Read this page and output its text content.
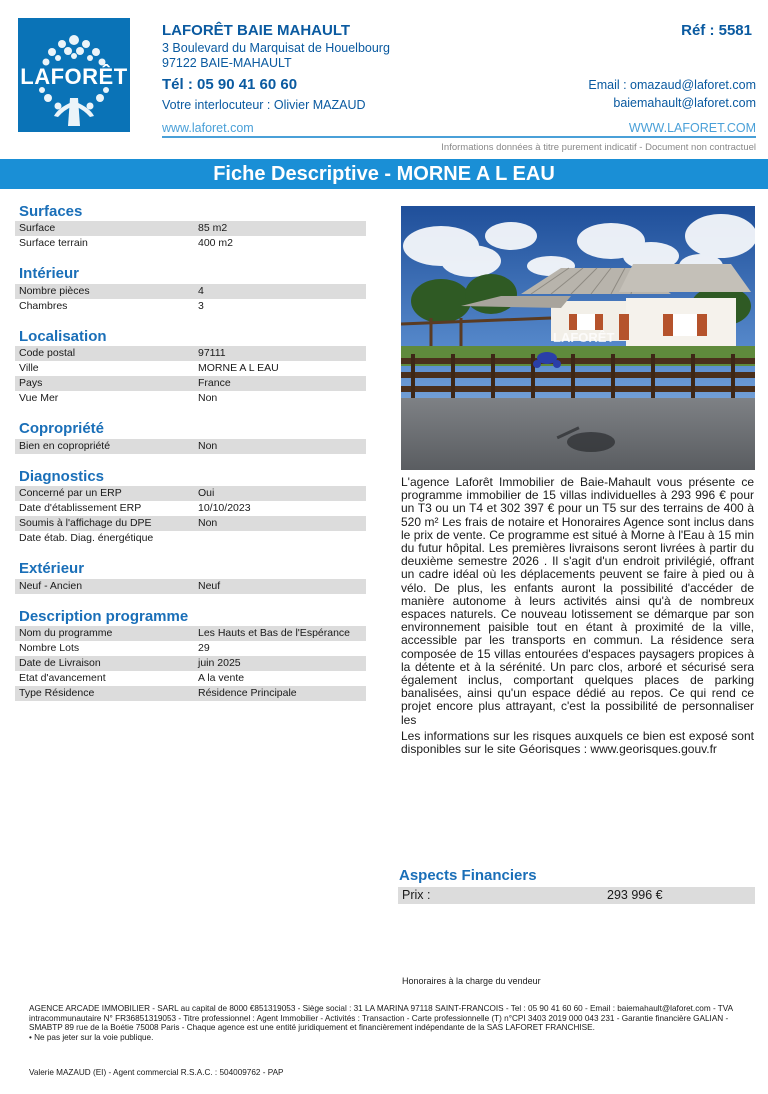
LAFORÊT
LAFORÊT BAIE MAHAULT
3 Boulevard du Marquisat de Houelbourg
97122 BAIE-MAHAULT
Tél : 05 90 41 60 60
Votre interlocuteur : Olivier MAZAUD
Réf : 5581
Email : omazaud@laforet.com
baiemahault@laforet.com
www.laforet.com	WWW.LAFORET.COM
Informations données à titre purement indicatif - Document non contractuel
Fiche Descriptive - MORNE A L EAU
Surfaces
Surface	85 m2
Surface terrain	400 m2
Intérieur
Nombre pièces	4
Chambres	3
Localisation
Code postal	97111
Ville	MORNE A L EAU
Pays	France
Vue Mer	Non
Copropriété
Bien en copropriété	Non
Diagnostics
Concerné par un ERP	Oui
Date d'établissement ERP	10/10/2023
Soumis à l'affichage du DPE	Non
Date étab. Diag. énergétique
Extérieur
Neuf - Ancien	Neuf
Description programme
Nom du programme	Les Hauts et Bas de l'Espérance
Nombre Lots	29
Date de Livraison	juin 2025
Etat d'avancement	A la vente
Type Résidence	Résidence Principale
LAFORÊT
L'agence Laforêt Immobilier de Baie-Mahault vous présente ce programme immobilier de 15 villas individuelles à 293 996 € pour un T3 ou un T4 et 302 397 € pour un T5 sur des terrains de 400 à 520 m² Les frais de notaire et Honoraires Agence sont inclus dans le prix de vente. Ce programme est situé à Morne à l'Eau à 15 min du futur hôpital. Les premières livraisons seront livrées à partir du deuxième semestre 2026 . Il s'agit d'un endroit privilégié, offrant un cadre idéal où les déplacements peuvent se faire à pied ou à vélo. De plus, les enfants auront la possibilité d'accéder de manière autonome à leurs activités ainsi qu'à de nombreux espaces naturels. Ce nouveau lotissement se démarque par son environnement paisible tout en étant à proximité de la ville, accessible par les transports en commun. La résidence sera composée de 15 villas entourées d'espaces paysagers propices à la détente et à la sérénité. Un parc clos, arboré et sécurisé sera également inclus, comportant quelques places de parking banalisées, ainsi qu'un espace dédié au repos. Ce qui rend ce projet encore plus attrayant, c'est la possibilité de personnaliser les
Les informations sur les risques auxquels ce bien est exposé sont disponibles sur le site Géorisques : www.georisques.gouv.fr
Aspects Financiers
Prix :	293 996 €
Honoraires à la charge du vendeur
AGENCE ARCADE IMMOBILIER - SARL au capital de 8000 €851319053 - Siège social : 31 LA MARINA 97118 SAINT-FRANCOIS - Tel : 05 90 41 60 60 - Email : baiemahault@laforet.com - TVA intracommunautaire N° FR36851319053 - Titre professionnel : Agent Immobilier - Activités : Transaction - Carte professionnelle (T) n°CPI 3403 2019 000 043 231 - Garantie financière GALIAN - SMABTP 89 rue de la Boétie 75008 Paris - Chaque agence est une entité juridiquement et financièrement indépendante de la SAS LAFORET FRANCHISE.
• Ne pas jeter sur la voie publique.
Valerie MAZAUD (EI) - Agent commercial R.S.A.C. : 504009762 - PAP
